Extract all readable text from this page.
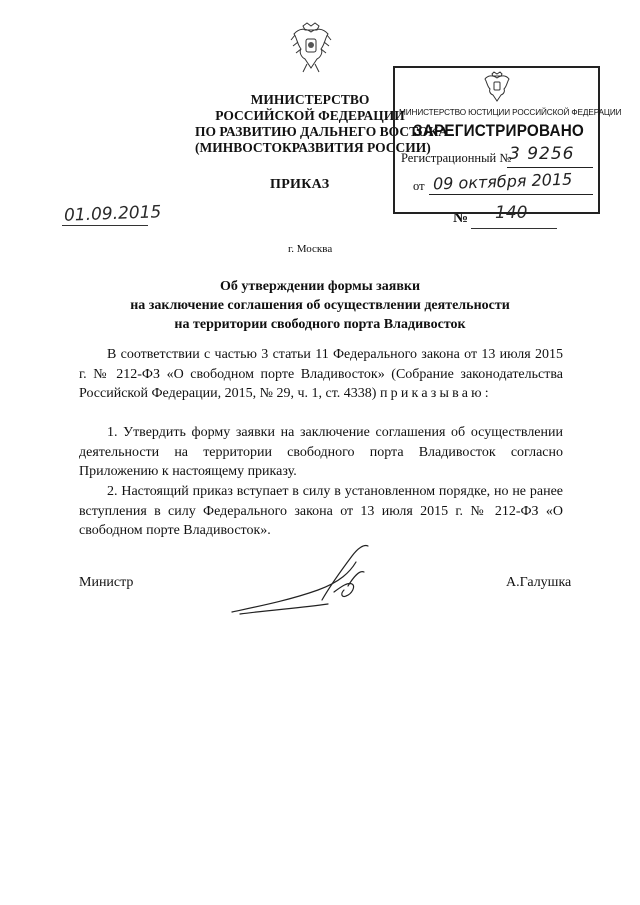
МИНИСТЕРСТВО
РОССИЙСКОЙ ФЕДЕРАЦИИ
ПО РАЗВИТИЮ ДАЛЬНЕГО ВОСТОКА
(МИНВОСТОКРАЗВИТИЯ РОССИИ)
ПРИКАЗ
01.09.2015	№ 140
г. Москва
МИНИСТЕРСТВО ЮСТИЦИИ РОССИЙСКОЙ ФЕДЕРАЦИИ
ЗАРЕГИСТРИРОВАНО
Регистрационный №
3 9256
от 09 октября 2015
Об утверждении формы заявки
на заключение соглашения об осуществлении деятельности
на территории свободного порта Владивосток
В соответствии с частью 3 статьи 11 Федерального закона от 13 июля 2015 г. № 212-ФЗ «О свободном порте Владивосток» (Собрание законодательства Российской Федерации, 2015, № 29, ч. 1, ст. 4338) приказываю:
1. Утвердить форму заявки на заключение соглашения об осуществлении деятельности на территории свободного порта Владивосток согласно Приложению к настоящему приказу.
2. Настоящий приказ вступает в силу в установленном порядке, но не ранее вступления в силу Федерального закона от 13 июля 2015 г. № 212-ФЗ «О свободном порте Владивосток».
Министр	А.Галушка
